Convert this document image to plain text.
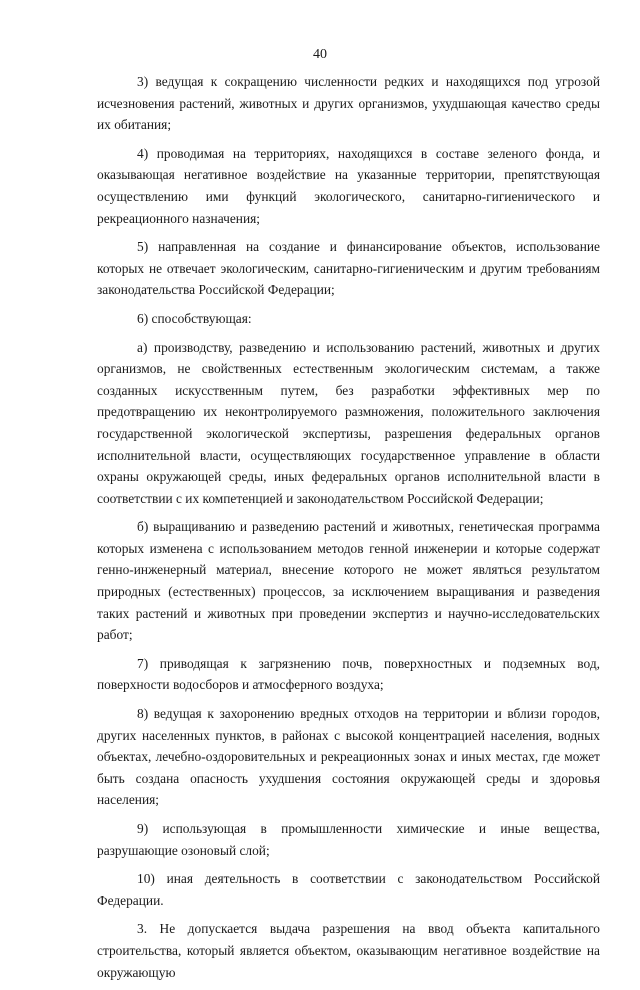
40

3) ведущая к сокращению численности редких и находящихся под угрозой исчезновения растений, животных и других организмов, ухудшающая качество среды их обитания;

4) проводимая на территориях, находящихся в составе зеленого фонда, и оказывающая негативное воздействие на указанные территории, препятствующая осуществлению ими функций экологического, санитарно-гигиенического и рекреационного назначения;

5) направленная на создание и финансирование объектов, использование которых не отвечает экологическим, санитарно-гигиеническим и другим требованиям законодательства Российской Федерации;

6) способствующая:

а) производству, разведению и использованию растений, животных и других организмов, не свойственных естественным экологическим системам, а также созданных искусственным путем, без разработки эффективных мер по предотвращению их неконтролируемого размножения, положительного заключения государственной экологической экспертизы, разрешения федеральных органов исполнительной власти, осуществляющих государственное управление в области охраны окружающей среды, иных федеральных органов исполнительной власти в соответствии с их компетенцией и законодательством Российской Федерации;

б) выращиванию и разведению растений и животных, генетическая программа которых изменена с использованием методов генной инженерии и которые содержат генно-инженерный материал, внесение которого не может являться результатом природных (естественных) процессов, за исключением выращивания и разведения таких растений и животных при проведении экспертиз и научно-исследовательских работ;

7) приводящая к загрязнению почв, поверхностных и подземных вод, поверхности водосборов и атмосферного воздуха;

8) ведущая к захоронению вредных отходов на территории и вблизи городов, других населенных пунктов, в районах с высокой концентрацией населения, водных объектах, лечебно-оздоровительных и рекреационных зонах и иных местах, где может быть создана опасность ухудшения состояния окружающей среды и здоровья населения;

9) использующая в промышленности химические и иные вещества, разрушающие озоновый слой;

10) иная деятельность в соответствии с законодательством Российской Федерации.

3. Не допускается выдача разрешения на ввод объекта капитального строительства, который является объектом, оказывающим негативное воздействие на окружающую
